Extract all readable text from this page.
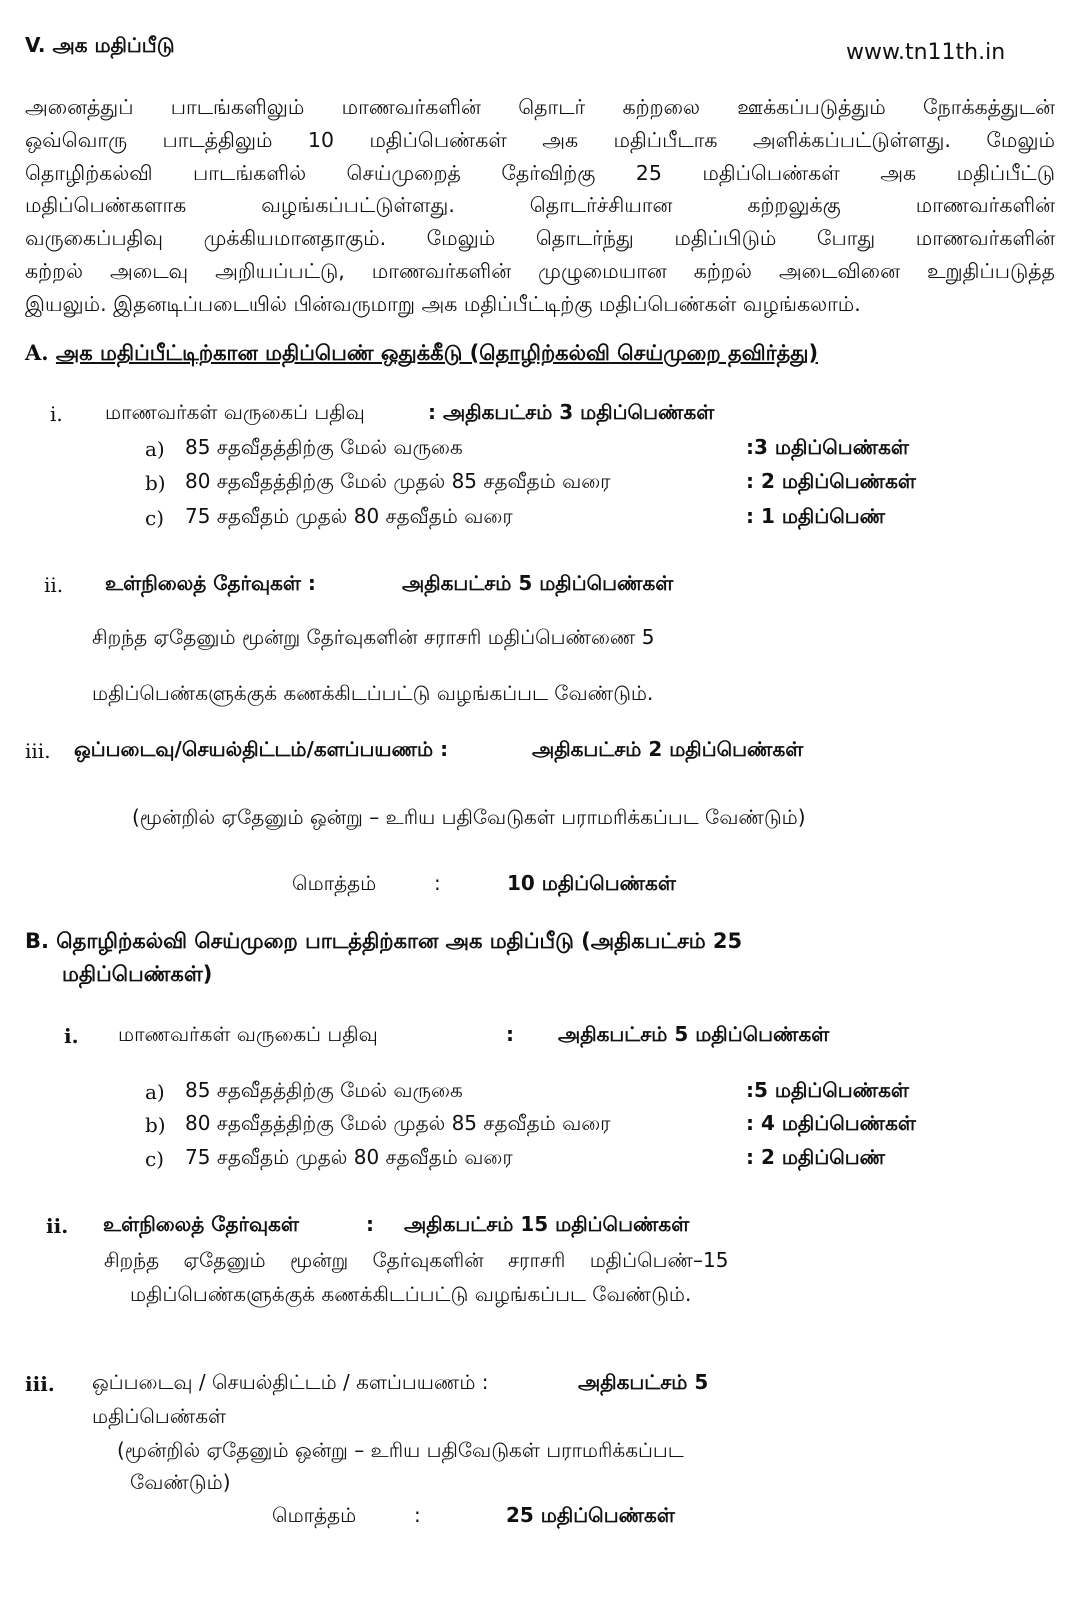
V. அக மதிப்பீடு	www.tn11th.in
அனைத்துப் பாடங்களிலும் மாணவர்களின் தொடர் கற்றலை ஊக்கப்படுத்தும் நோக்கத்துடன்
ஒவ்வொரு பாடத்திலும் 10 மதிப்பெண்கள் அக மதிப்பீடாக அளிக்கப்பட்டுள்ளது. மேலும்
தொழிற்கல்வி பாடங்களில் செய்முறைத் தேர்விற்கு 25 மதிப்பெண்கள் அக மதிப்பீட்டு
மதிப்பெண்களாக வழங்கப்பட்டுள்ளது. தொடர்ச்சியான கற்றலுக்கு மாணவர்களின்
வருகைப்பதிவு முக்கியமானதாகும். மேலும் தொடர்ந்து மதிப்பிடும் போது மாணவர்களின்
கற்றல் அடைவு அறியப்பட்டு, மாணவர்களின் முழுமையான கற்றல் அடைவினை உறுதிப்படுத்த
இயலும். இதனடிப்படையில் பின்வருமாறு அக மதிப்பீட்டிற்கு மதிப்பெண்கள் வழங்கலாம்.
A. அக மதிப்பீட்டிற்கான மதிப்பெண் ஒதுக்கீடு (தொழிற்கல்வி செய்முறை தவிர்த்து)
i. மாணவர்கள் வருகைப் பதிவு	: அதிகபட்சம் 3 மதிப்பெண்கள்
a) 85 சதவீதத்திற்கு மேல் வருகை	:3 மதிப்பெண்கள்
b) 80 சதவீதத்திற்கு மேல் முதல் 85 சதவீதம் வரை	: 2 மதிப்பெண்கள்
c) 75 சதவீதம் முதல் 80 சதவீதம் வரை	: 1 மதிப்பெண்
ii. உள்நிலைத் தேர்வுகள் :	அதிகபட்சம் 5 மதிப்பெண்கள்
சிறந்த ஏதேனும் மூன்று தேர்வுகளின் சராசரி மதிப்பெண்ணை 5
மதிப்பெண்களுக்குக் கணக்கிடப்பட்டு வழங்கப்பட வேண்டும்.
iii. ஒப்படைவு/செயல்திட்டம்/களப்பயணம் :	அதிகபட்சம் 2 மதிப்பெண்கள்
(மூன்றில் ஏதேனும் ஒன்று – உரிய பதிவேடுகள் பராமரிக்கப்பட வேண்டும்)
மொத்தம்	:	10 மதிப்பெண்கள்
B. தொழிற்கல்வி செய்முறை பாடத்திற்கான அக மதிப்பீடு (அதிகபட்சம் 25
மதிப்பெண்கள்)
i. மாணவர்கள் வருகைப் பதிவு	: அதிகபட்சம் 5 மதிப்பெண்கள்
a) 85 சதவீதத்திற்கு மேல் வருகை	:5 மதிப்பெண்கள்
b) 80 சதவீதத்திற்கு மேல் முதல் 85 சதவீதம் வரை	: 4 மதிப்பெண்கள்
c) 75 சதவீதம் முதல் 80 சதவீதம் வரை	: 2 மதிப்பெண்
ii. உள்நிலைத் தேர்வுகள்	: அதிகபட்சம் 15 மதிப்பெண்கள்
சிறந்த ஏதேனும் மூன்று தேர்வுகளின் சராசரி மதிப்பெண்–15
மதிப்பெண்களுக்குக் கணக்கிடப்பட்டு வழங்கப்பட வேண்டும்.
iii. ஒப்படைவு / செயல்திட்டம் / களப்பயணம் :	அதிகபட்சம் 5
மதிப்பெண்கள்
(மூன்றில் ஏதேனும் ஒன்று – உரிய பதிவேடுகள் பராமரிக்கப்பட
வேண்டும்)
மொத்தம்	:	25 மதிப்பெண்கள்
